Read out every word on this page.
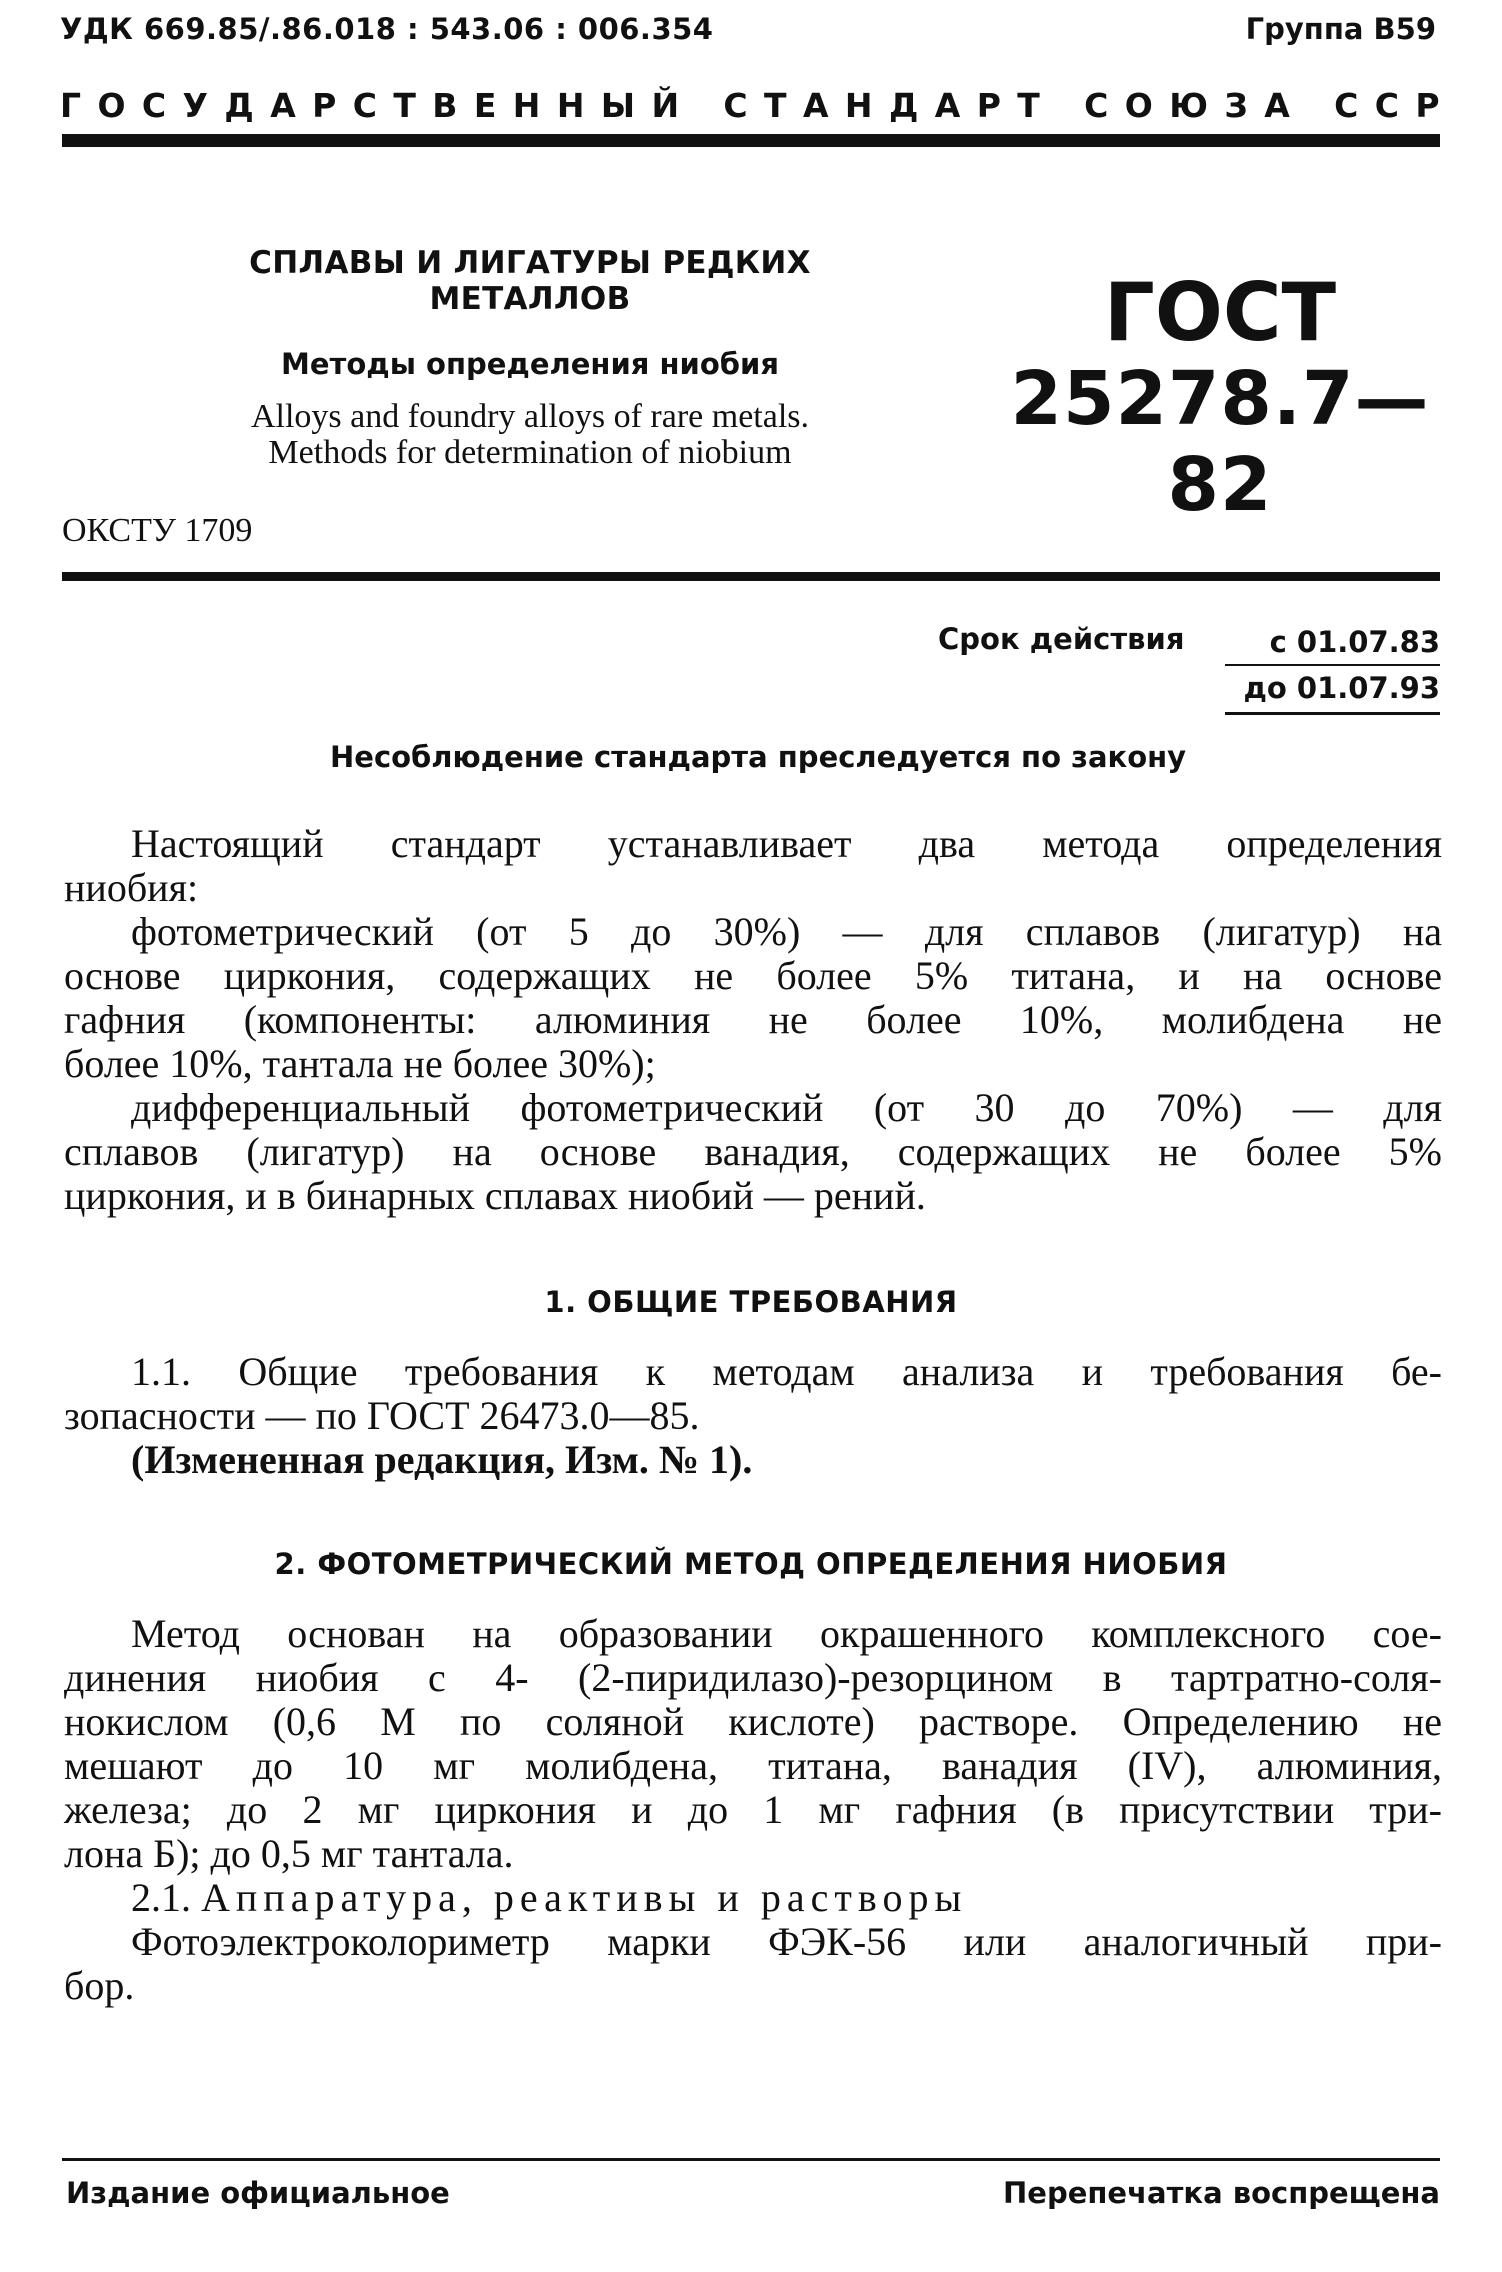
УДК 669.85/.86.018 : 543.06 : 006.354	Группа В59
Г О С У Д А Р С Т В Е Н Н Ы Й
С Т А Н Д А Р Т
С О Ю З А
С С Р
СПЛАВЫ И ЛИГАТУРЫ РЕДКИХ МЕТАЛЛОВ
Методы определения ниобия
Alloys and foundry alloys of rare metals.
Methods for determination of niobium
ГОСТ
25278.7—82
ОКСТУ 1709
Срок действия	с 01.07.83
до 01.07.93
Несоблюдение стандарта преследуется по закону

Настоящий стандарт устанавливает два метода определения

ниобия:

фотометрический (от 5 до 30%) — для сплавов (лигатур) на

основе циркония, содержащих не более 5% титана, и на основе

гафния (компоненты: алюминия не более 10%, молибдена не

более 10%, тантала не более 30%);

дифференциальный фотометрический (от 30 до 70%) — для

сплавов (лигатур) на основе ванадия, содержащих не более 5%

циркония, и в бинарных сплавах ниобий — рений.

1. ОБЩИЕ ТРЕБОВАНИЯ

1.1. Общие требования к методам анализа и требования бе-

зопасности — по ГОСТ 26473.0—85.

(Измененная редакция, Изм. № 1).

2. ФОТОМЕТРИЧЕСКИЙ МЕТОД ОПРЕДЕЛЕНИЯ НИОБИЯ

Метод основан на образовании окрашенного комплексного сое-

динения ниобия с 4- (2-пиридилазо)-резорцином в тартратно-соля-

нокислом (0,6 М по соляной кислоте) растворе. Определению не

мешают до 10 мг молибдена, титана, ванадия (IV), алюминия,

железа; до 2 мг циркония и до 1 мг гафния (в присутствии три-

лона Б); до 0,5 мг тантала.

2.1. Аппаратура, реактивы и растворы

Фотоэлектроколориметр марки ФЭК-56 или аналогичный при-

бор.

Издание официальное	Перепечатка воспрещена
